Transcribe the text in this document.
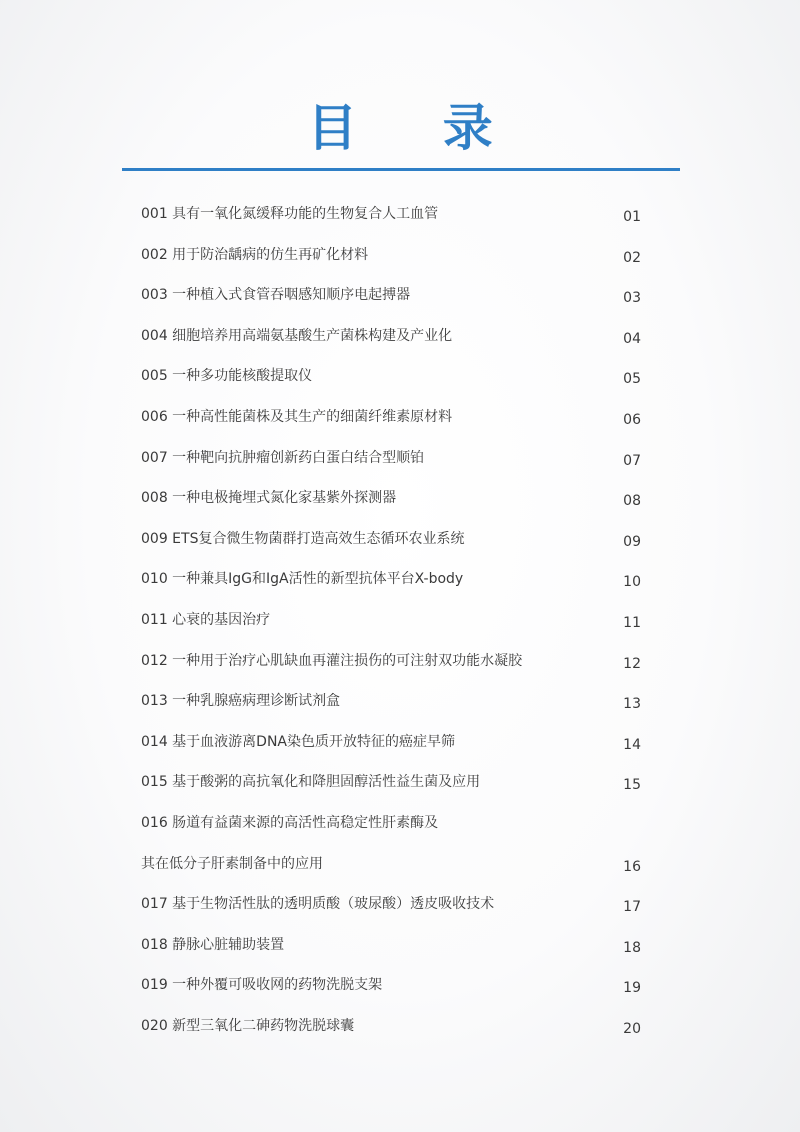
目 录
001 具有一氧化氮缓释功能的生物复合人工血管	01
002 用于防治龋病的仿生再矿化材料	02
003 一种植入式食管吞咽感知顺序电起搏器	03
004 细胞培养用高端氨基酸生产菌株构建及产业化	04
005 一种多功能核酸提取仪	05
006 一种高性能菌株及其生产的细菌纤维素原材料	06
007 一种靶向抗肿瘤创新药白蛋白结合型顺铂	07
008 一种电极掩埋式氮化家基紫外探测器	08
009 ETS复合微生物菌群打造高效生态循环农业系统	09
010 一种兼具IgG和IgA活性的新型抗体平台X-body	10
011 心衰的基因治疗	11
012 一种用于治疗心肌缺血再灌注损伤的可注射双功能水凝胶	12
013 一种乳腺癌病理诊断试剂盒	13
014 基于血液游离DNA染色质开放特征的癌症早筛	14
015 基于酸粥的高抗氧化和降胆固醇活性益生菌及应用	15
016 肠道有益菌来源的高活性高稳定性肝素酶及
其在低分子肝素制备中的应用	16
017 基于生物活性肽的透明质酸（玻尿酸）透皮吸收技术	17
018 静脉心脏辅助装置	18
019 一种外覆可吸收网的药物洗脱支架	19
020 新型三氧化二砷药物洗脱球囊	20
